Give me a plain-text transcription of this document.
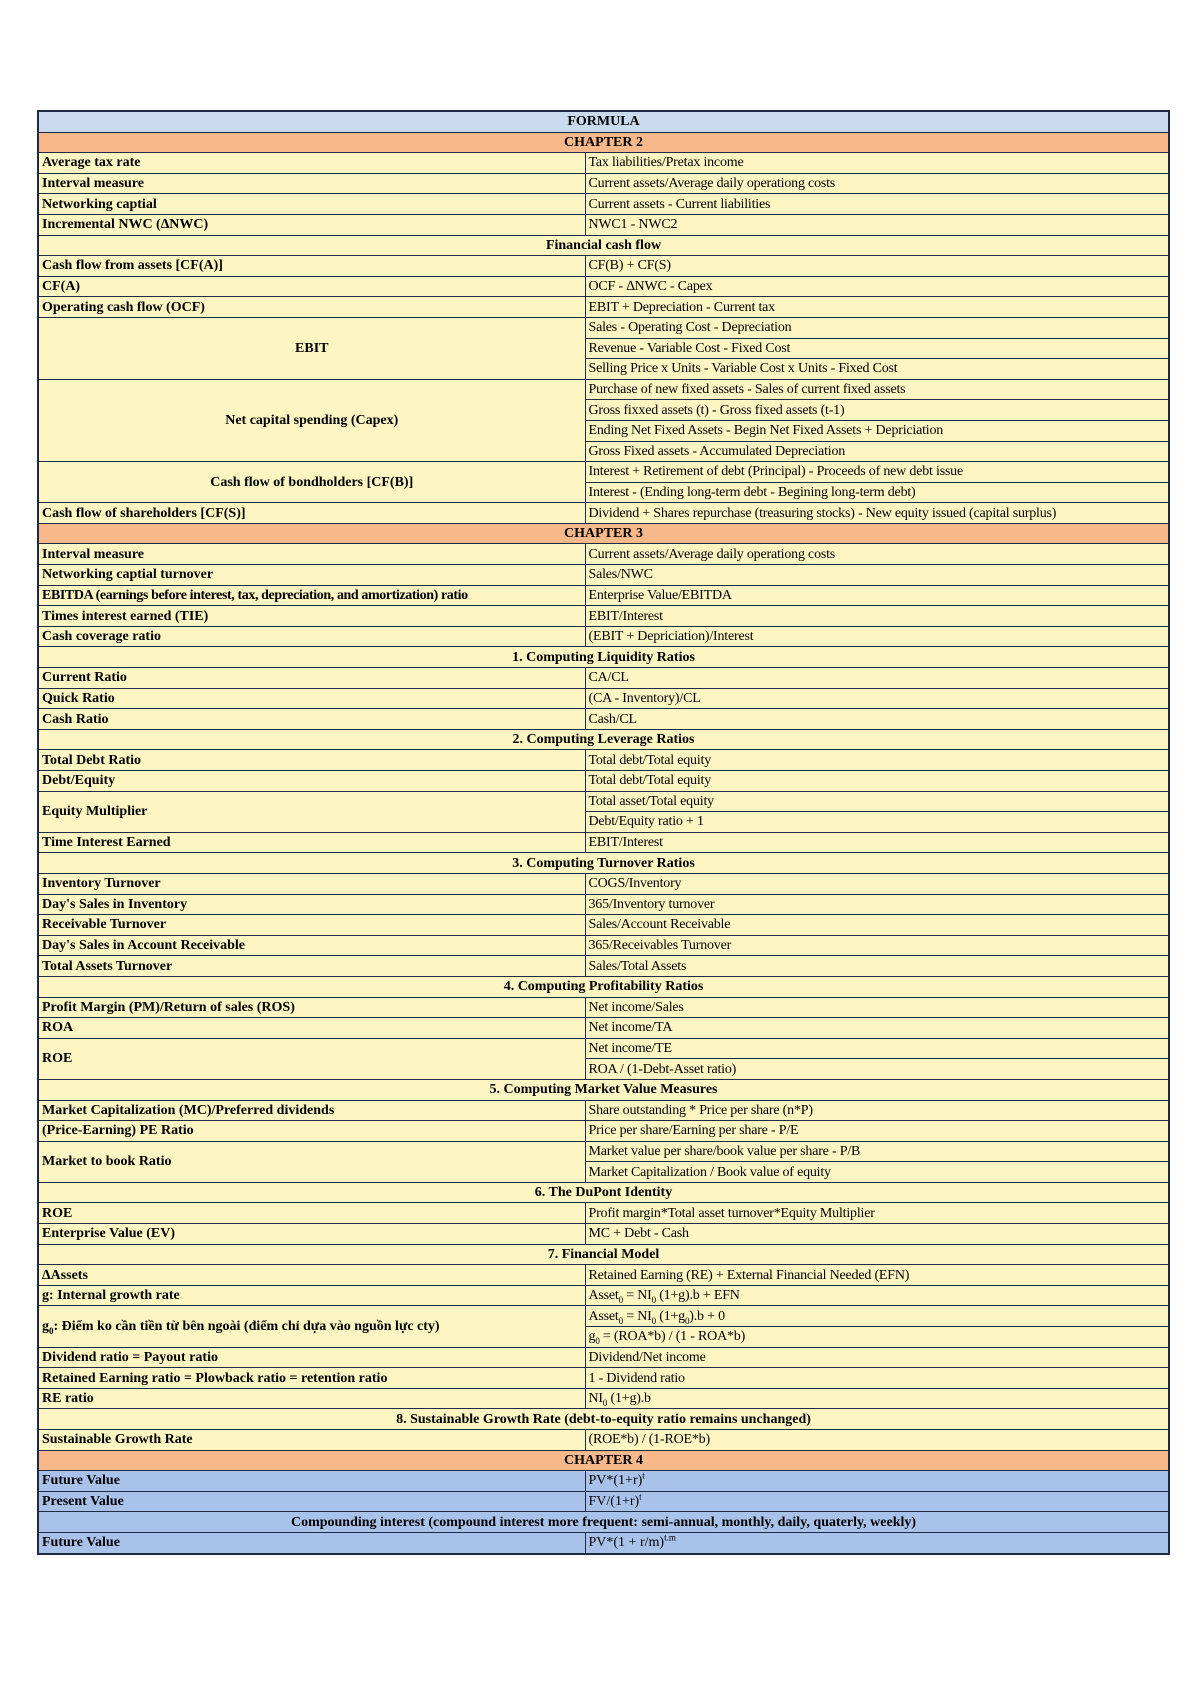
FORMULA	
CHAPTER 2	
Average tax rate	Tax liabilities/Pretax income
Interval measure	Current assets/Average daily operationg costs
Networking captial	Current assets - Current liabilities
Incremental NWC (∆NWC)	NWC1 - NWC2
Financial cash flow	
Cash flow from assets [CF(A)]	CF(B) + CF(S)
CF(A)	OCF - ∆NWC - Capex
Operating cash flow (OCF)	EBIT + Depreciation - Current tax
EBIT	Sales - Operating Cost - Depreciation
	Revenue - Variable Cost - Fixed Cost
	Selling Price x Units - Variable Cost x Units - Fixed Cost
Net capital spending (Capex)	Purchase of new fixed assets - Sales of current fixed assets
	Gross fixxed assets (t) - Gross fixed assets (t-1)
	Ending Net Fixed Assets - Begin Net Fixed Assets + Depriciation
	Gross Fixed assets - Accumulated Depreciation
Cash flow of bondholders [CF(B)]	Interest + Retirement of debt (Principal) - Proceeds of new debt issue
	Interest - (Ending long-term debt - Begining long-term debt)
Cash flow of shareholders [CF(S)]	Dividend + Shares repurchase (treasuring stocks) - New equity issued (capital surplus)
CHAPTER 3	
Interval measure	Current assets/Average daily operationg costs
Networking captial turnover	Sales/NWC
EBITDA (earnings before interest, tax, depreciation, and amortization) ratio	Enterprise Value/EBITDA
Times interest earned (TIE)	EBIT/Interest
Cash coverage ratio	(EBIT + Depriciation)/Interest
1. Computing Liquidity Ratios	
Current Ratio	CA/CL
Quick Ratio	(CA - Inventory)/CL
Cash Ratio	Cash/CL
2. Computing Leverage Ratios	
Total Debt Ratio	Total debt/Total equity
Debt/Equity	Total debt/Total equity
Equity Multiplier	Total asset/Total equity
	Debt/Equity ratio + 1
Time Interest Earned	EBIT/Interest
3. Computing Turnover Ratios	
Inventory Turnover	COGS/Inventory
Day's Sales in Inventory	365/Inventory turnover
Receivable Turnover	Sales/Account Receivable
Day's Sales in Account Receivable	365/Receivables Turnover
Total Assets Turnover	Sales/Total Assets
4. Computing Profitability Ratios	
Profit Margin (PM)/Return of sales (ROS)	Net income/Sales
ROA	Net income/TA
ROE	Net income/TE
	ROA / (1-Debt-Asset ratio)
5. Computing Market Value Measures	
Market Capitalization (MC)/Preferred dividends	Share outstanding * Price per share (n*P)
(Price-Earning) PE Ratio	Price per share/Earning per share - P/E
Market to book Ratio	Market value per share/book value per share - P/B
	Market Capitalization / Book value of equity
6. The DuPont Identity	
ROE	Profit margin*Total asset turnover*Equity Multiplier
Enterprise Value (EV)	MC + Debt - Cash
7. Financial Model	
∆Assets	Retained Earning (RE) + External Financial Needed (EFN)
g: Internal growth rate	Asset$_0$ = $NI_0$ (1+g).b + EFN
$g_0$: Điểm ko cần tiền từ bên ngoài (điểm chỉ dựa vào nguồn lực cty)	Asset$_0$ = $NI_0$ $(1+g_0).b + 0$
	$g_0 = (ROA*b) / (1 - ROA*b)$
Dividend ratio = Payout ratio	Dividend/Net income
Retained Earning ratio = Plowback ratio = retention ratio	1 - Dividend ratio
RE ratio	$NI_0$ (1+g).b
8. Sustainable Growth Rate (debt-to-equity ratio remains unchanged)	
Sustainable Growth Rate	(ROE*b) / (1-ROE*b)
CHAPTER 4	
Future Value	$PV*(1+r)^t$
Present Value	$FV/(1+r)^t$
Compounding interest (compound interest more frequent: semi-annual, monthly, daily, quaterly, weekly)	
Future Value	$PV*(1 + r/m)^{t.m}$
